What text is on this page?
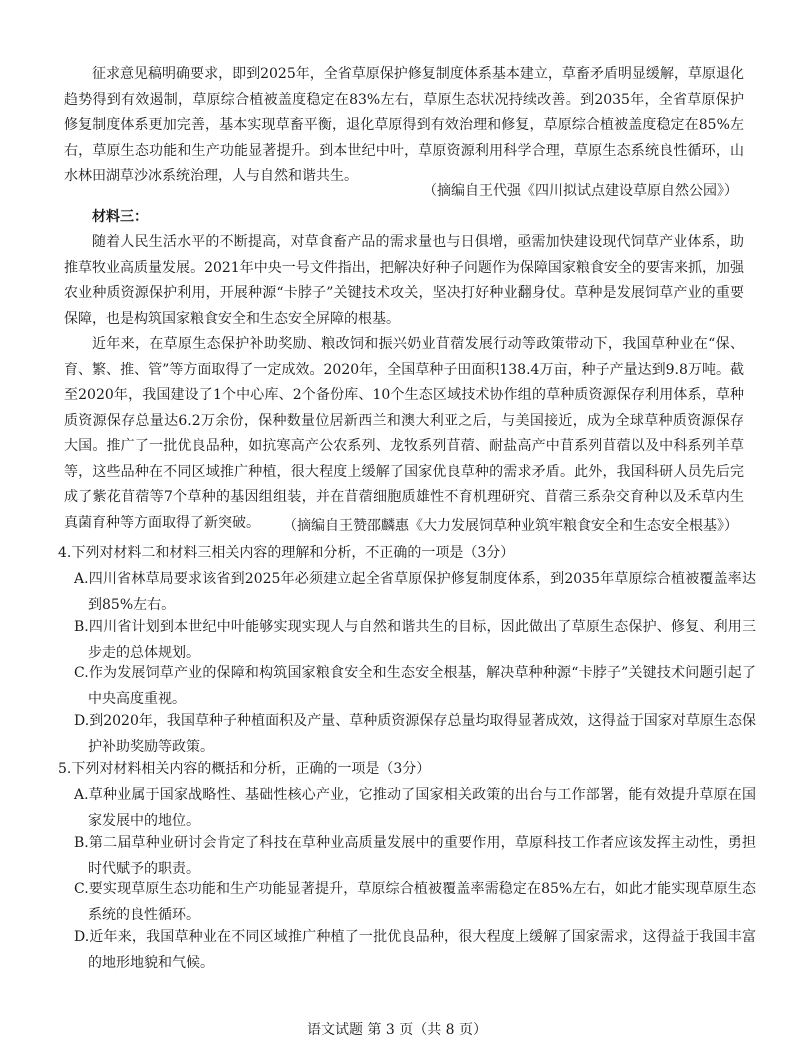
征求意见稿明确要求，即到2025年，全省草原保护修复制度体系基本建立，草畜矛盾明显缓解，草原退化趋势得到有效遏制，草原综合植被盖度稳定在83%左右，草原生态状况持续改善。到2035年，全省草原保护修复制度体系更加完善，基本实现草畜平衡，退化草原得到有效治理和修复，草原综合植被盖度稳定在85%左右，草原生态功能和生产功能显著提升。到本世纪中叶，草原资源利用科学合理，草原生态系统良性循环，山水林田湖草沙冰系统治理，人与自然和谐共生。
（摘编自王代强《四川拟试点建设草原自然公园》）
材料三：
随着人民生活水平的不断提高，对草食畜产品的需求量也与日俱增，亟需加快建设现代饲草产业体系，助推草牧业高质量发展。2021年中央一号文件指出，把解决好种子问题作为保障国家粮食安全的要害来抓，加强农业种质资源保护利用，开展种源“卡脖子”关键技术攻关，坚决打好种业翻身仗。草种是发展饲草产业的重要保障，也是构筑国家粮食安全和生态安全屏障的根基。
近年来，在草原生态保护补助奖励、粮改饲和振兴奶业苜蓿发展行动等政策带动下，我国草种业在“保、育、繁、推、管”等方面取得了一定成效。2020年，全国草种子田面积138.4万亩，种子产量达到9.8万吨。截至2020年，我国建设了1个中心库、2个备份库、10个生态区域技术协作组的草种质资源保存利用体系，草种质资源保存总量达6.2万余份，保种数量位居新西兰和澳大利亚之后，与美国接近，成为全球草种质资源保存大国。推广了一批优良品种，如抗寒高产公农系列、龙牧系列苜蓿、耐盐高产中苜系列苜蓿以及中科系列羊草等，这些品种在不同区域推广种植，很大程度上缓解了国家优良草种的需求矛盾。此外，我国科研人员先后完成了紫花苜蓿等7个草种的基因组组装，并在苜蓿细胞质雄性不育机理研究、苜蓿三系杂交育种以及禾草内生真菌育种等方面取得了新突破。	（摘编自王赞邵麟惠《大力发展饲草种业筑牢粮食安全和生态安全根基》）
4.下列对材料二和材料三相关内容的理解和分析，不正确的一项是（3分）
A.四川省林草局要求该省到2025年必须建立起全省草原保护修复制度体系，到2035年草原综合植被覆盖率达到85%左右。
B.四川省计划到本世纪中叶能够实现实现人与自然和谐共生的目标，因此做出了草原生态保护、修复、利用三步走的总体规划。
C.作为发展饲草产业的保障和构筑国家粮食安全和生态安全根基，解决草种种源“卡脖子”关键技术问题引起了中央高度重视。
D.到2020年，我国草种子种植面积及产量、草种质资源保存总量均取得显著成效，这得益于国家对草原生态保护补助奖励等政策。
5.下列对材料相关内容的概括和分析，正确的一项是（3分）
A.草种业属于国家战略性、基础性核心产业，它推动了国家相关政策的出台与工作部署，能有效提升草原在国家发展中的地位。
B.第二届草种业研讨会肯定了科技在草种业高质量发展中的重要作用，草原科技工作者应该发挥主动性，勇担时代赋予的职责。
C.要实现草原生态功能和生产功能显著提升，草原综合植被覆盖率需稳定在85%左右，如此才能实现草原生态系统的良性循环。
D.近年来，我国草种业在不同区域推广种植了一批优良品种，很大程度上缓解了国家需求，这得益于我国丰富的地形地貌和气候。
语文试题 第 3 页（共 8 页）
